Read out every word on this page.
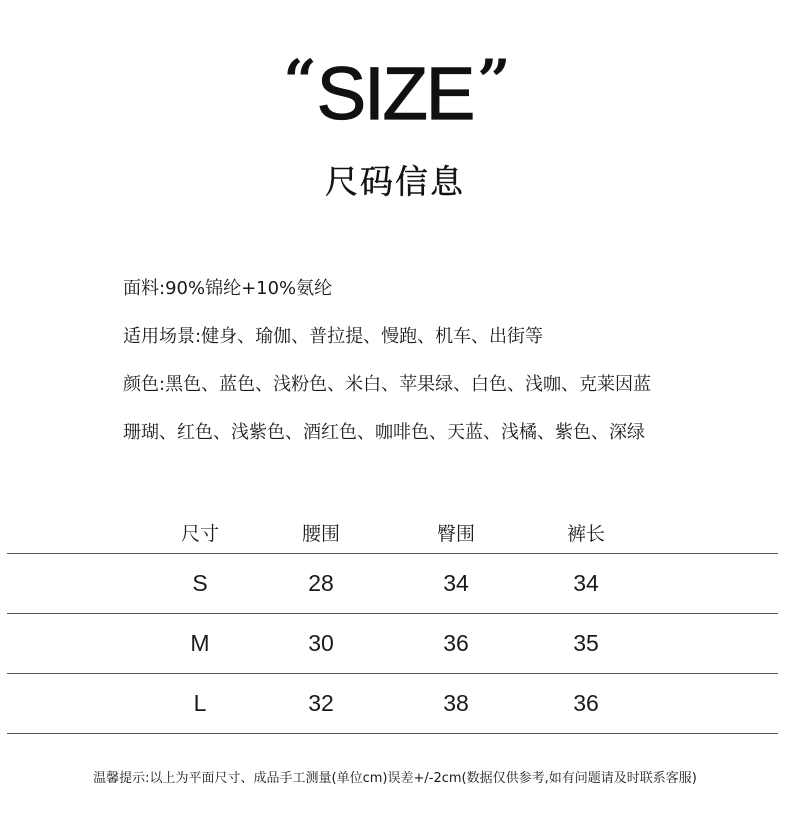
“SIZE”
尺码信息
面料:90%锦纶+10%氨纶
适用场景:健身、瑜伽、普拉提、慢跑、机车、出街等
颜色:黑色、蓝色、浅粉色、米白、苹果绿、白色、浅咖、克莱因蓝
珊瑚、红色、浅紫色、酒红色、咖啡色、天蓝、浅橘、紫色、深绿
尺寸	腰围	臀围	裤长
S	28	34	34
M	30	36	35
L	32	38	36
温馨提示:以上为平面尺寸、成品手工测量(单位cm)误差+/-2cm(数据仅供参考,如有问题请及时联系客服)
